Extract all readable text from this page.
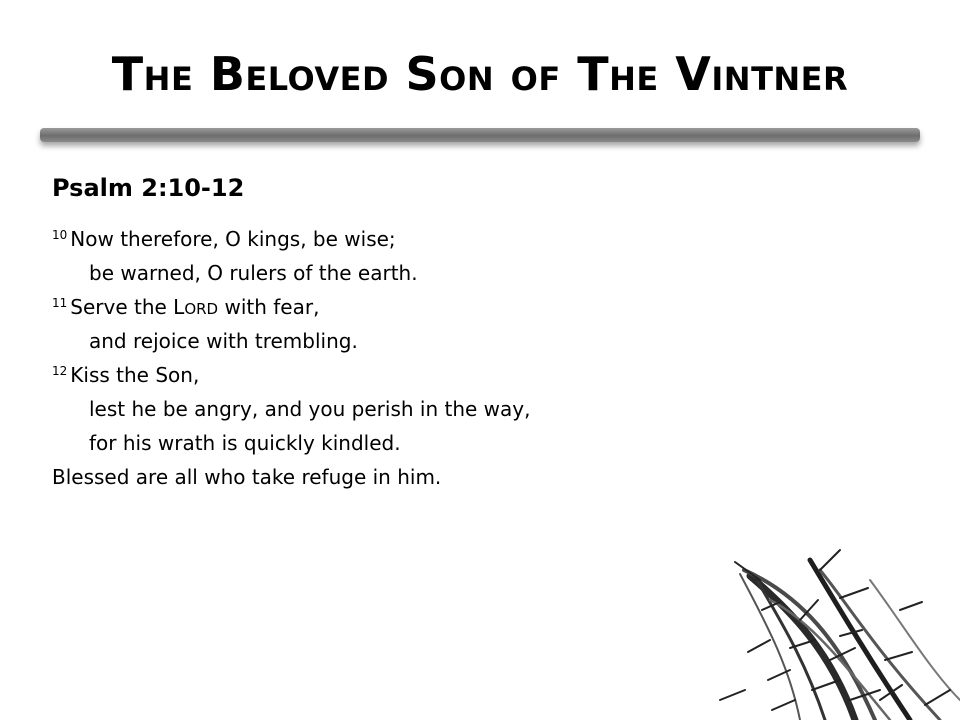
The Beloved Son of The Vintner
Psalm 2:10-12
$^{10}$ Now therefore, O kings, be wise;
be warned, O rulers of the earth.
$^{11}$ Serve the LORD with fear,
and rejoice with trembling.
$^{12}$ Kiss the Son,
lest he be angry, and you perish in the way,
for his wrath is quickly kindled.
Blessed are all who take refuge in him.
